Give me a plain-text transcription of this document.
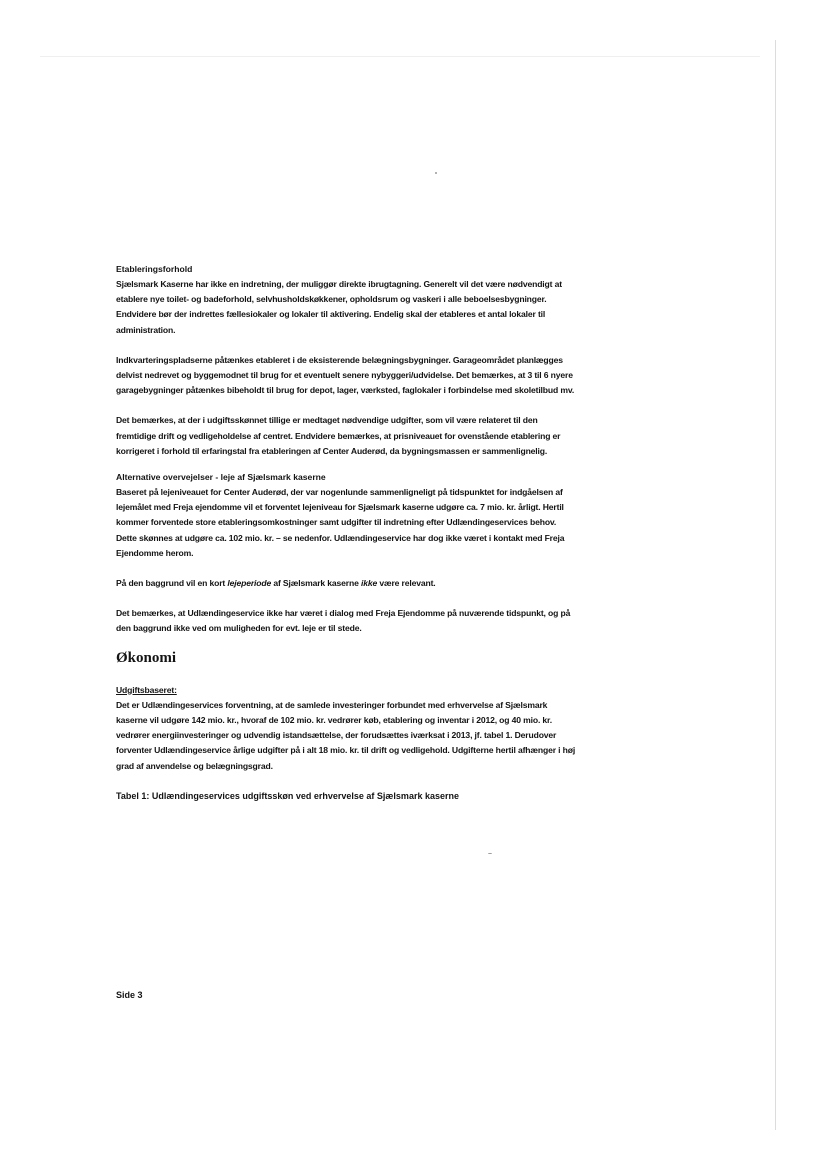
Etableringsforhold

Sjælsmark Kaserne har ikke en indretning, der muliggør direkte ibrugtagning. Generelt vil det være nødvendigt at etablere nye toilet- og badeforhold, selvhusholdskøkkener, opholdsrum og vaskeri i alle beboelsesbygninger. Endvidere bør der indrettes fællesiokaler og lokaler til aktivering. Endelig skal der etableres et antal lokaler til administration.

Indkvarteringspladserne påtænkes etableret i de eksisterende belægningsbygninger. Garageområdet planlægges delvist nedrevet og byggemodnet til brug for et eventuelt senere nybyggeri/udvidelse. Det bemærkes, at 3 til 6 nyere garagebygninger påtænkes bibeholdt til brug for depot, lager, værksted, faglokaler i forbindelse med skoletilbud mv.

Det bemærkes, at der i udgiftsskønnet tillige er medtaget nødvendige udgifter, som vil være relateret til den fremtidige drift og vedligeholdelse af centret. Endvidere bemærkes, at prisniveauet for ovenstående etablering er korrigeret i forhold til erfaringstal fra etableringen af Center Auderød, da bygningsmassen er sammenlignelig.

Alternative overvejelser - leje af Sjælsmark kaserne

Baseret på lejeniveauet for Center Auderød, der var nogenlunde sammenligneligt på tidspunktet for indgåelsen af lejemålet med Freja ejendomme vil et forventet lejeniveau for Sjælsmark kaserne udgøre ca. 7 mio. kr. årligt. Hertil kommer forventede store etableringsomkostninger samt udgifter til indretning efter Udlændingeservices behov. Dette skønnes at udgøre ca. 102 mio. kr. – se nedenfor. Udlændingeservice har dog ikke været i kontakt med Freja Ejendomme herom.

På den baggrund vil en kort lejeperiode af Sjælsmark kaserne ikke være relevant.

Det bemærkes, at Udlændingeservice ikke har været i dialog med Freja Ejendomme på nuværende tidspunkt, og på den baggrund ikke ved om muligheden for evt. leje er til stede.

Økonomi

Udgiftsbaseret:

Det er Udlændingeservices forventning, at de samlede investeringer forbundet med erhvervelse af Sjælsmark kaserne vil udgøre 142 mio. kr., hvoraf de 102 mio. kr. vedrører køb, etablering og inventar i 2012, og 40 mio. kr. vedrører energiinvesteringer og udvendig istandsættelse, der forudsættes iværksat i 2013, jf. tabel 1. Derudover forventer Udlændingeservice årlige udgifter på i alt 18 mio. kr. til drift og vedligehold. Udgifterne hertil afhænger i høj grad af anvendelse og belægningsgrad.

Tabel 1: Udlændingeservices udgiftsskøn ved erhvervelse af Sjælsmark kaserne

Side 3
